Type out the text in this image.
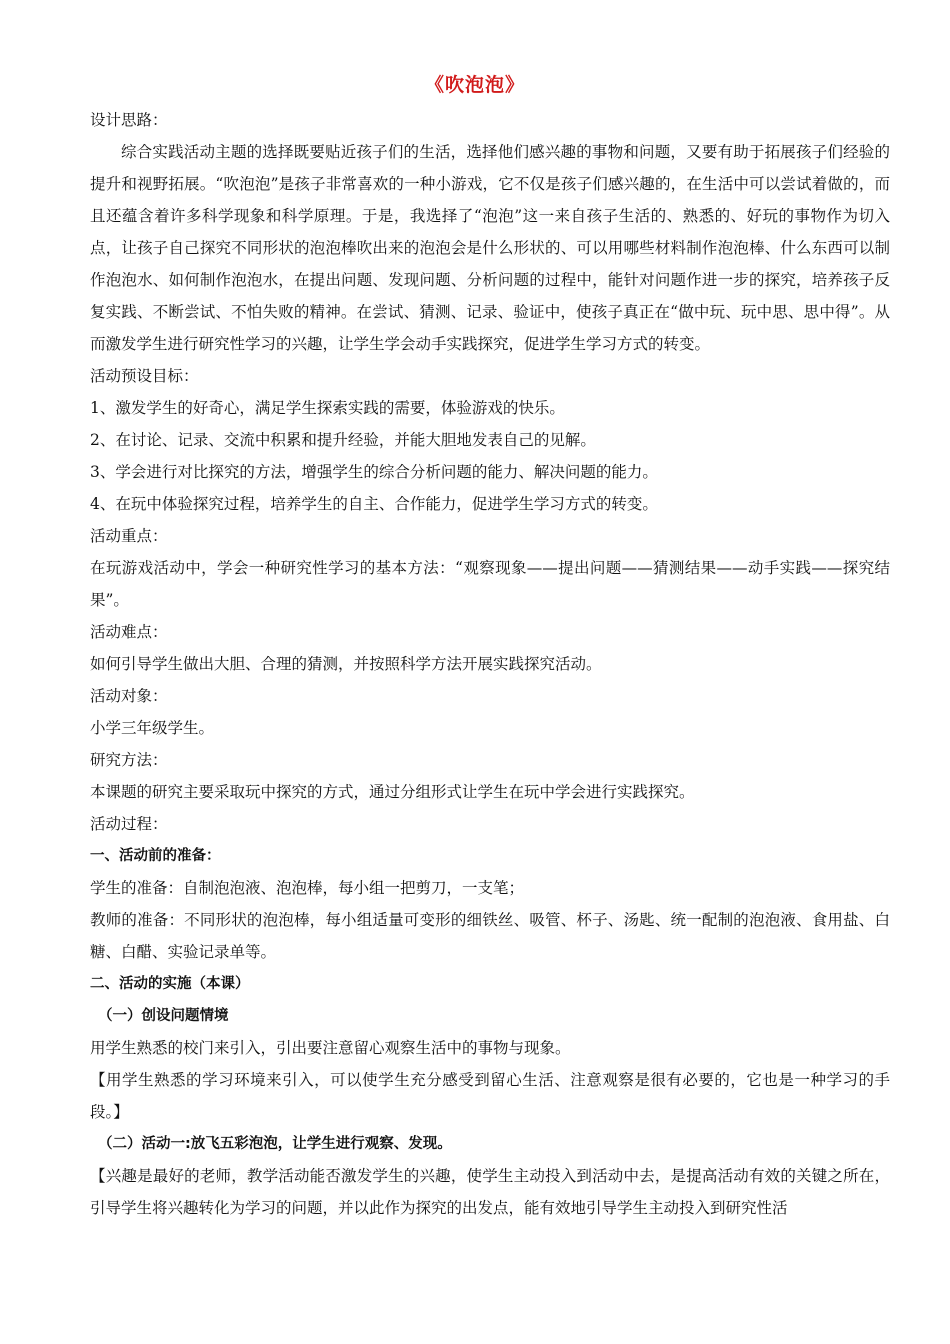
《吹泡泡》

设计思路：

综合实践活动主题的选择既要贴近孩子们的生活，选择他们感兴趣的事物和问题，又要有助于拓展孩子们经验的提升和视野拓展。“吹泡泡”是孩子非常喜欢的一种小游戏，它不仅是孩子们感兴趣的，在生活中可以尝试着做的，而且还蕴含着许多科学现象和科学原理。于是，我选择了“泡泡”这一来自孩子生活的、熟悉的、好玩的事物作为切入点，让孩子自己探究不同形状的泡泡棒吹出来的泡泡会是什么形状的、可以用哪些材料制作泡泡棒、什么东西可以制作泡泡水、如何制作泡泡水，在提出问题、发现问题、分析问题的过程中，能针对问题作进一步的探究，培养孩子反复实践、不断尝试、不怕失败的精神。在尝试、猜测、记录、验证中，使孩子真正在“做中玩、玩中思、思中得”。从而激发学生进行研究性学习的兴趣，让学生学会动手实践探究，促进学生学习方式的转变。

活动预设目标：

1、激发学生的好奇心，满足学生探索实践的需要，体验游戏的快乐。

2、在讨论、记录、交流中积累和提升经验，并能大胆地发表自己的见解。

3、学会进行对比探究的方法，增强学生的综合分析问题的能力、解决问题的能力。

4、在玩中体验探究过程，培养学生的自主、合作能力，促进学生学习方式的转变。

活动重点：

在玩游戏活动中，学会一种研究性学习的基本方法：“观察现象——提出问题——猜测结果——动手实践——探究结果”。

活动难点：

如何引导学生做出大胆、合理的猜测，并按照科学方法开展实践探究活动。

活动对象：

小学三年级学生。

研究方法：

本课题的研究主要采取玩中探究的方式，通过分组形式让学生在玩中学会进行实践探究。

活动过程：

一、活动前的准备：

学生的准备：自制泡泡液、泡泡棒，每小组一把剪刀，一支笔；

教师的准备：不同形状的泡泡棒，每小组适量可变形的细铁丝、吸管、杯子、汤匙、统一配制的泡泡液、食用盐、白糖、白醋、实验记录单等。

二、活动的实施（本课）

（一）创设问题情境

用学生熟悉的校门来引入，引出要注意留心观察生活中的事物与现象。

【用学生熟悉的学习环境来引入，可以使学生充分感受到留心生活、注意观察是很有必要的，它也是一种学习的手段。】

（二）活动一:放飞五彩泡泡，让学生进行观察、发现。

【兴趣是最好的老师，教学活动能否激发学生的兴趣，使学生主动投入到活动中去，是提高活动有效的关键之所在，引导学生将兴趣转化为学习的问题，并以此作为探究的出发点，能有效地引导学生主动投入到研究性活
